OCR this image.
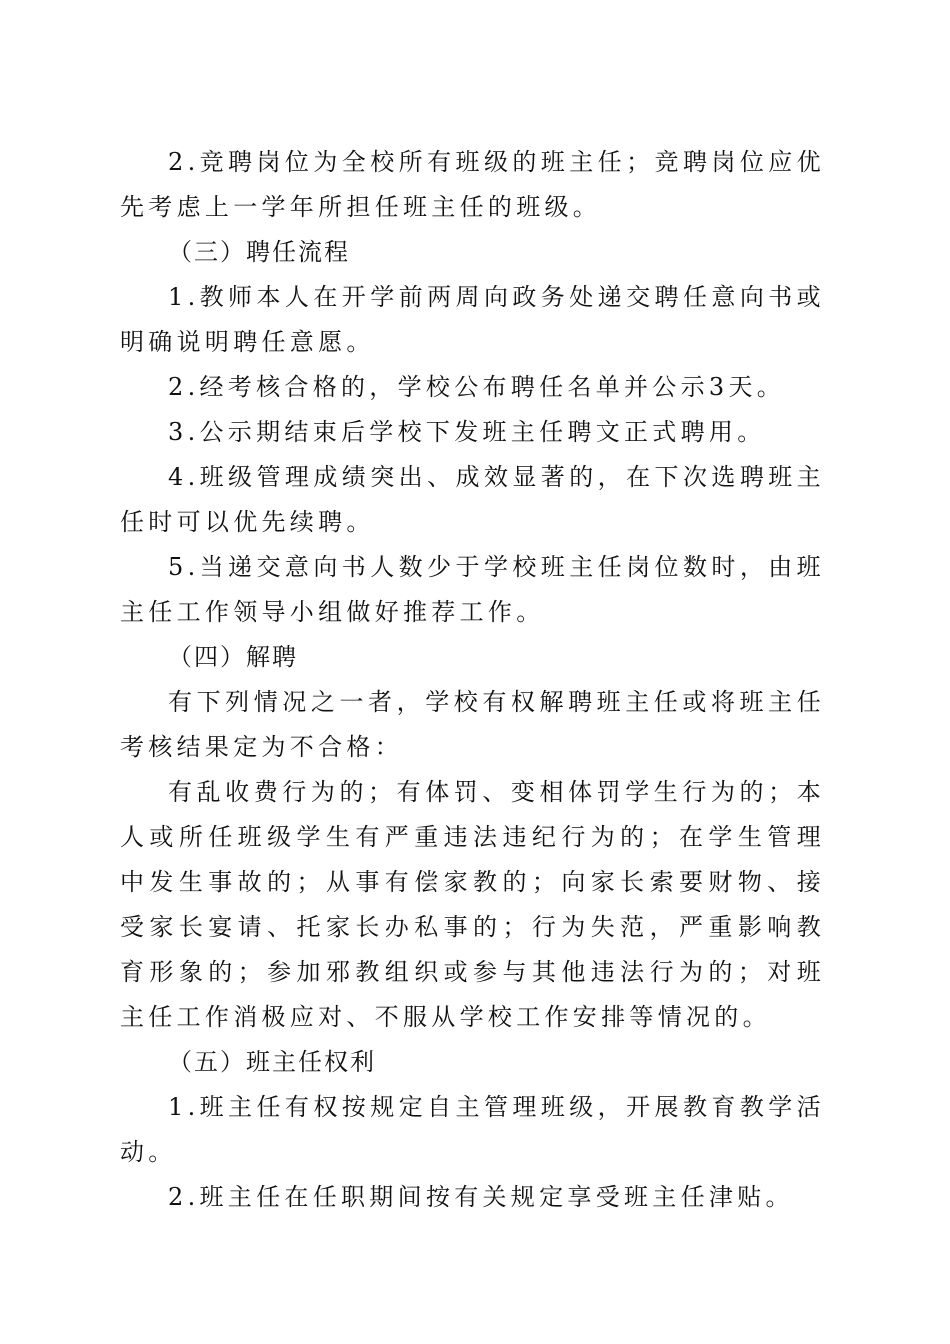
2.竞聘岗位为全校所有班级的班主任；竞聘岗位应优先考虑上一学年所担任班主任的班级。

（三）聘任流程

1.教师本人在开学前两周向政务处递交聘任意向书或明确说明聘任意愿。

2.经考核合格的，学校公布聘任名单并公示3天。

3.公示期结束后学校下发班主任聘文正式聘用。

4.班级管理成绩突出、成效显著的，在下次选聘班主任时可以优先续聘。

5.当递交意向书人数少于学校班主任岗位数时，由班主任工作领导小组做好推荐工作。

（四）解聘

有下列情况之一者，学校有权解聘班主任或将班主任考核结果定为不合格：

有乱收费行为的；有体罚、变相体罚学生行为的；本人或所任班级学生有严重违法违纪行为的；在学生管理中发生事故的；从事有偿家教的；向家长索要财物、接受家长宴请、托家长办私事的；行为失范，严重影响教育形象的；参加邪教组织或参与其他违法行为的；对班主任工作消极应对、不服从学校工作安排等情况的。

（五）班主任权利

1.班主任有权按规定自主管理班级，开展教育教学活动。

2.班主任在任职期间按有关规定享受班主任津贴。
